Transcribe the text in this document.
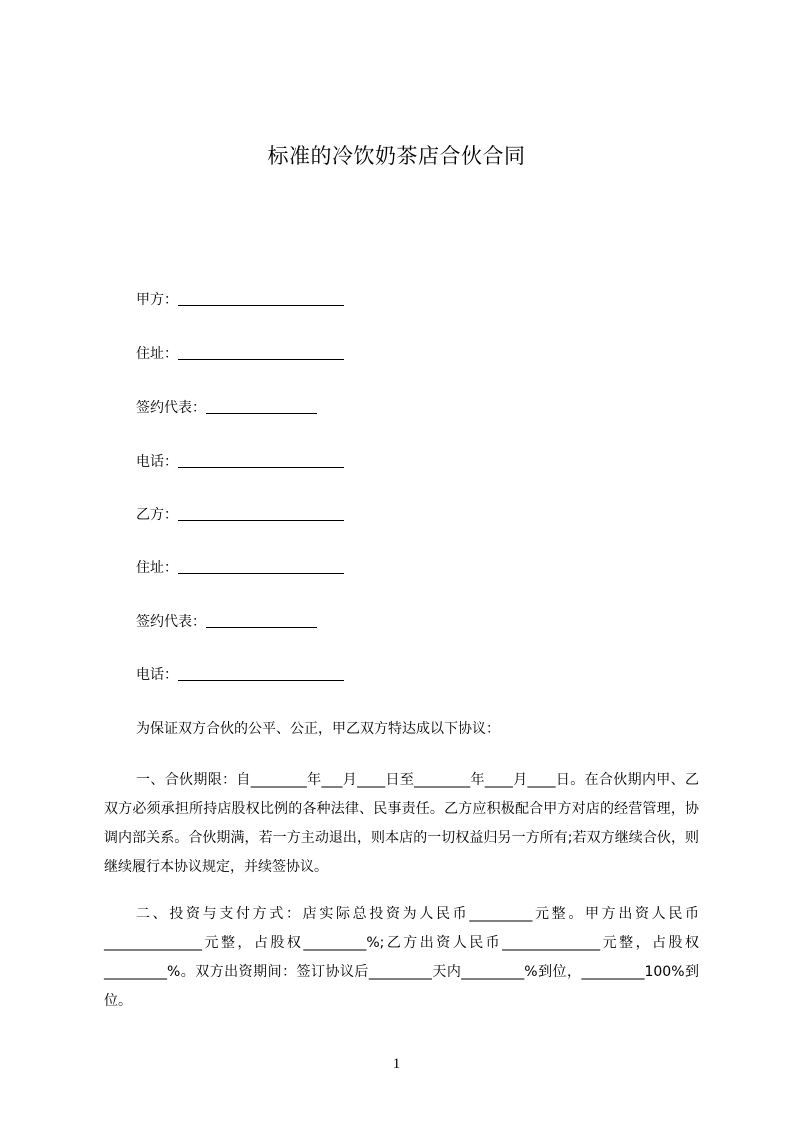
标准的冷饮奶茶店合伙合同
甲方：
住址：
签约代表：
电话：
乙方：
住址：
签约代表：
电话：
为保证双方合伙的公平、公正，甲乙双方特达成以下协议：

一、合伙期限：自________年___月____日至________年____月____日。在合伙期内甲、乙双方必须承担所持店股权比例的各种法律、民事责任。乙方应积极配合甲方对店的经营管理，协调内部关系。合伙期满，若一方主动退出，则本店的一切权益归另一方所有;若双方继续合伙，则继续履行本协议规定，并续签协议。

二、投资与支付方式：店实际总投资为人民币_________元整。甲方出资人民币______________元整，占股权_________%;乙方出资人民币______________元整，占股权_________%。双方出资期间：签订协议后_________天内_________%到位，_________100%到位。

1
